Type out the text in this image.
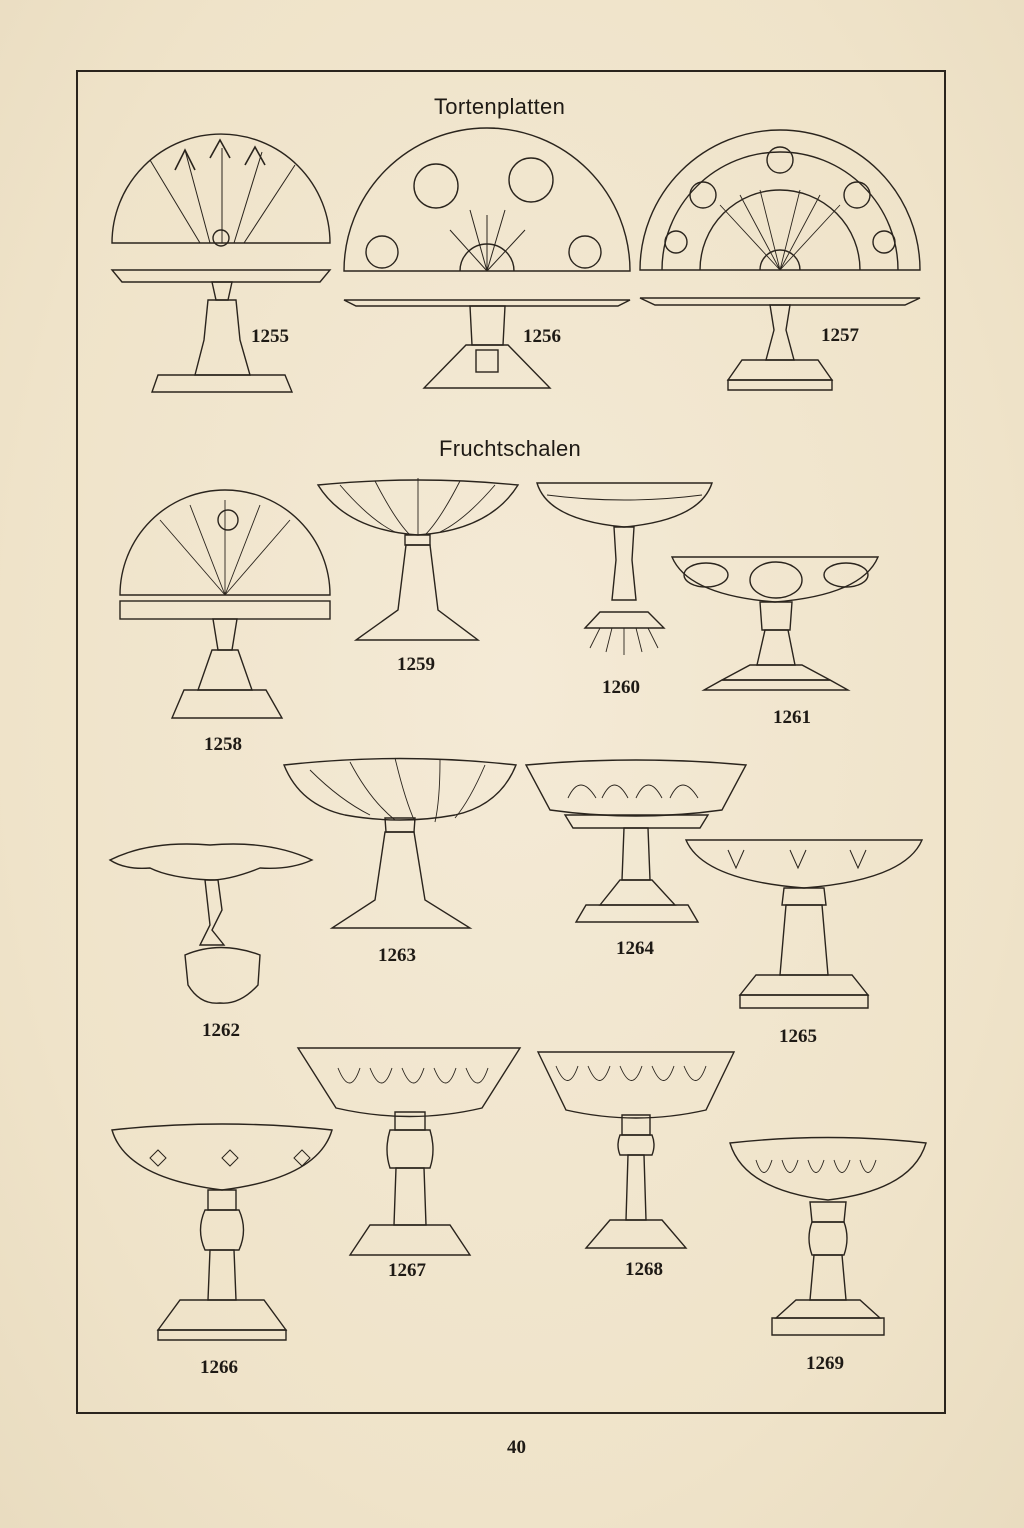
Tortenplatten
Fruchtschalen
1255	1256	1257
1258
1259
1260
1261
1262
1263	1264
1265
1266
1267	1268
1269
40
